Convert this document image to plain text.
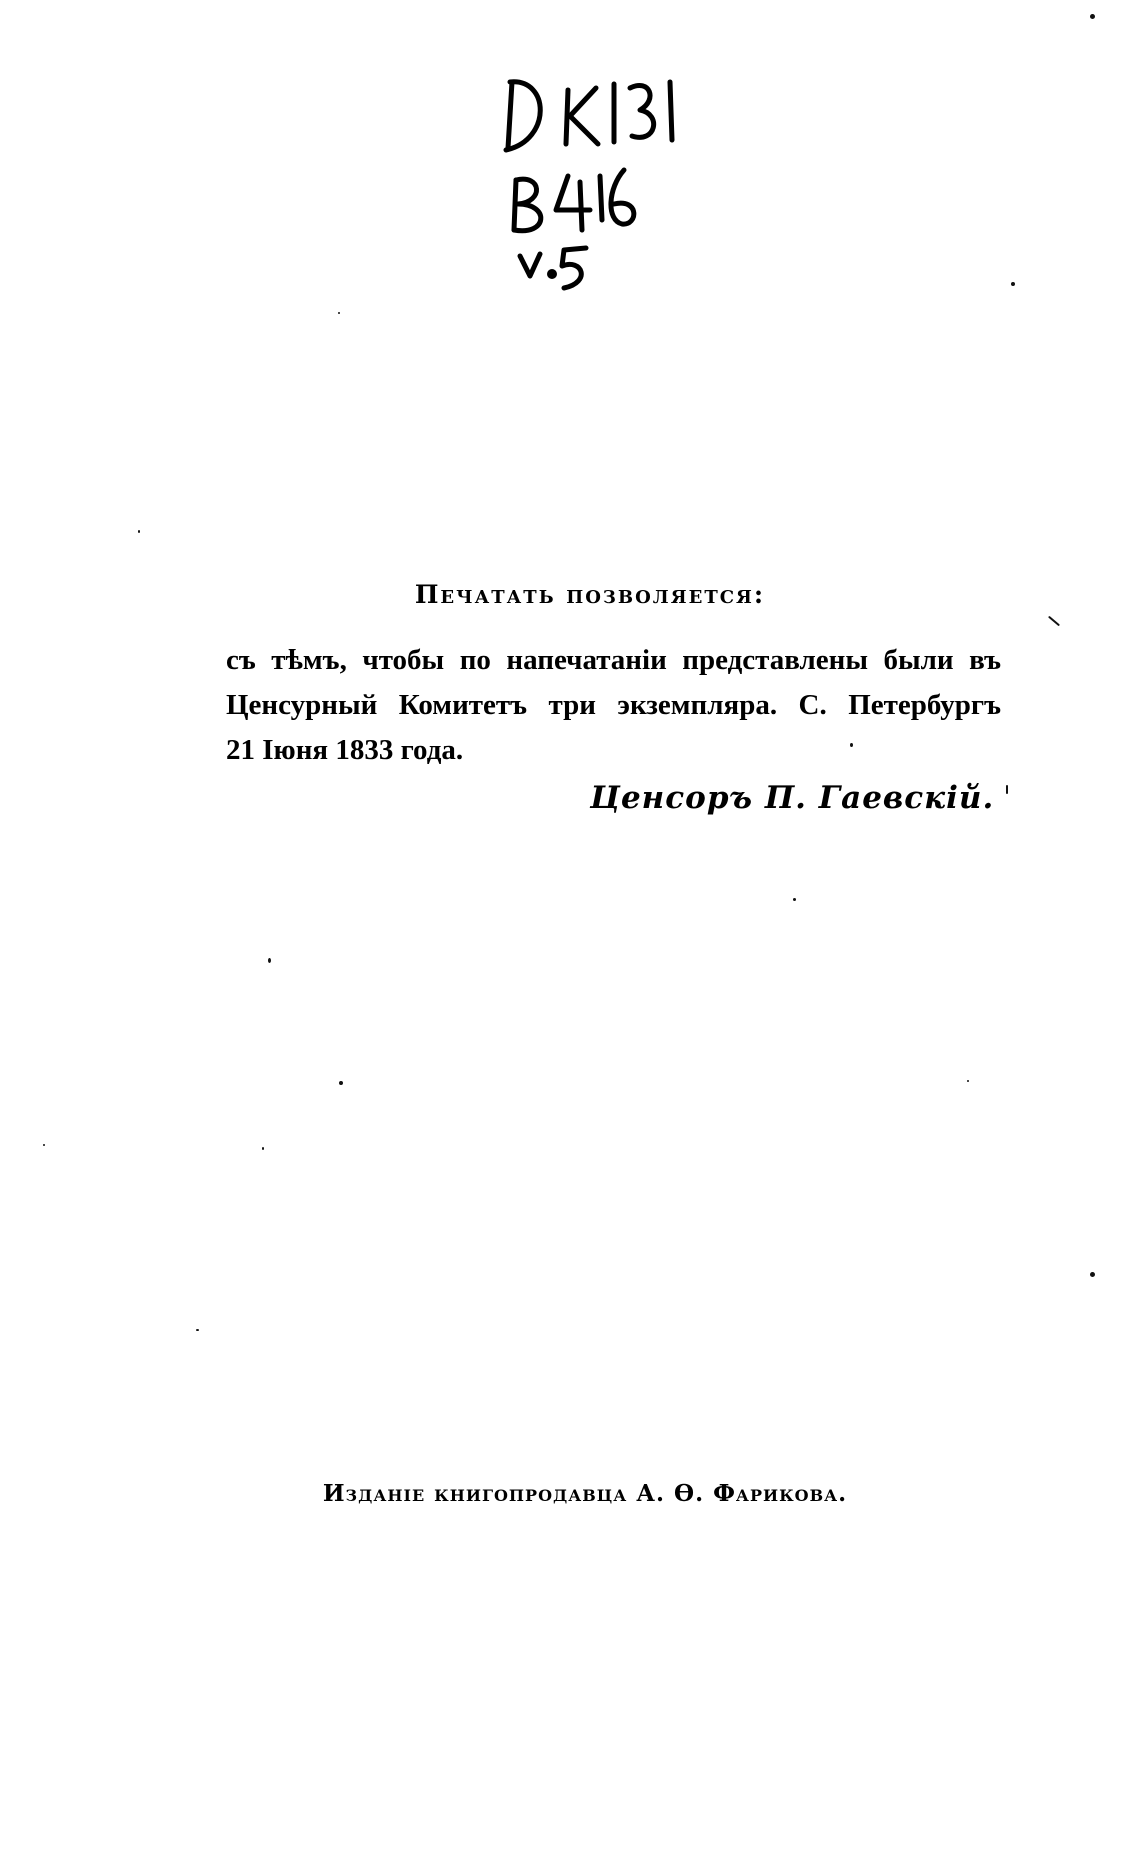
Печатать позволяется:
съ тѣмъ, чтобы по напечатаніи представлены были въ
Ценсурный Комитетъ три экземпляра. С. Петербургъ
21 Іюня 1833 года.
Ценсоръ П. Гаевскій.
Изданіе книгопродавца А. Ѳ. Фарикова.
